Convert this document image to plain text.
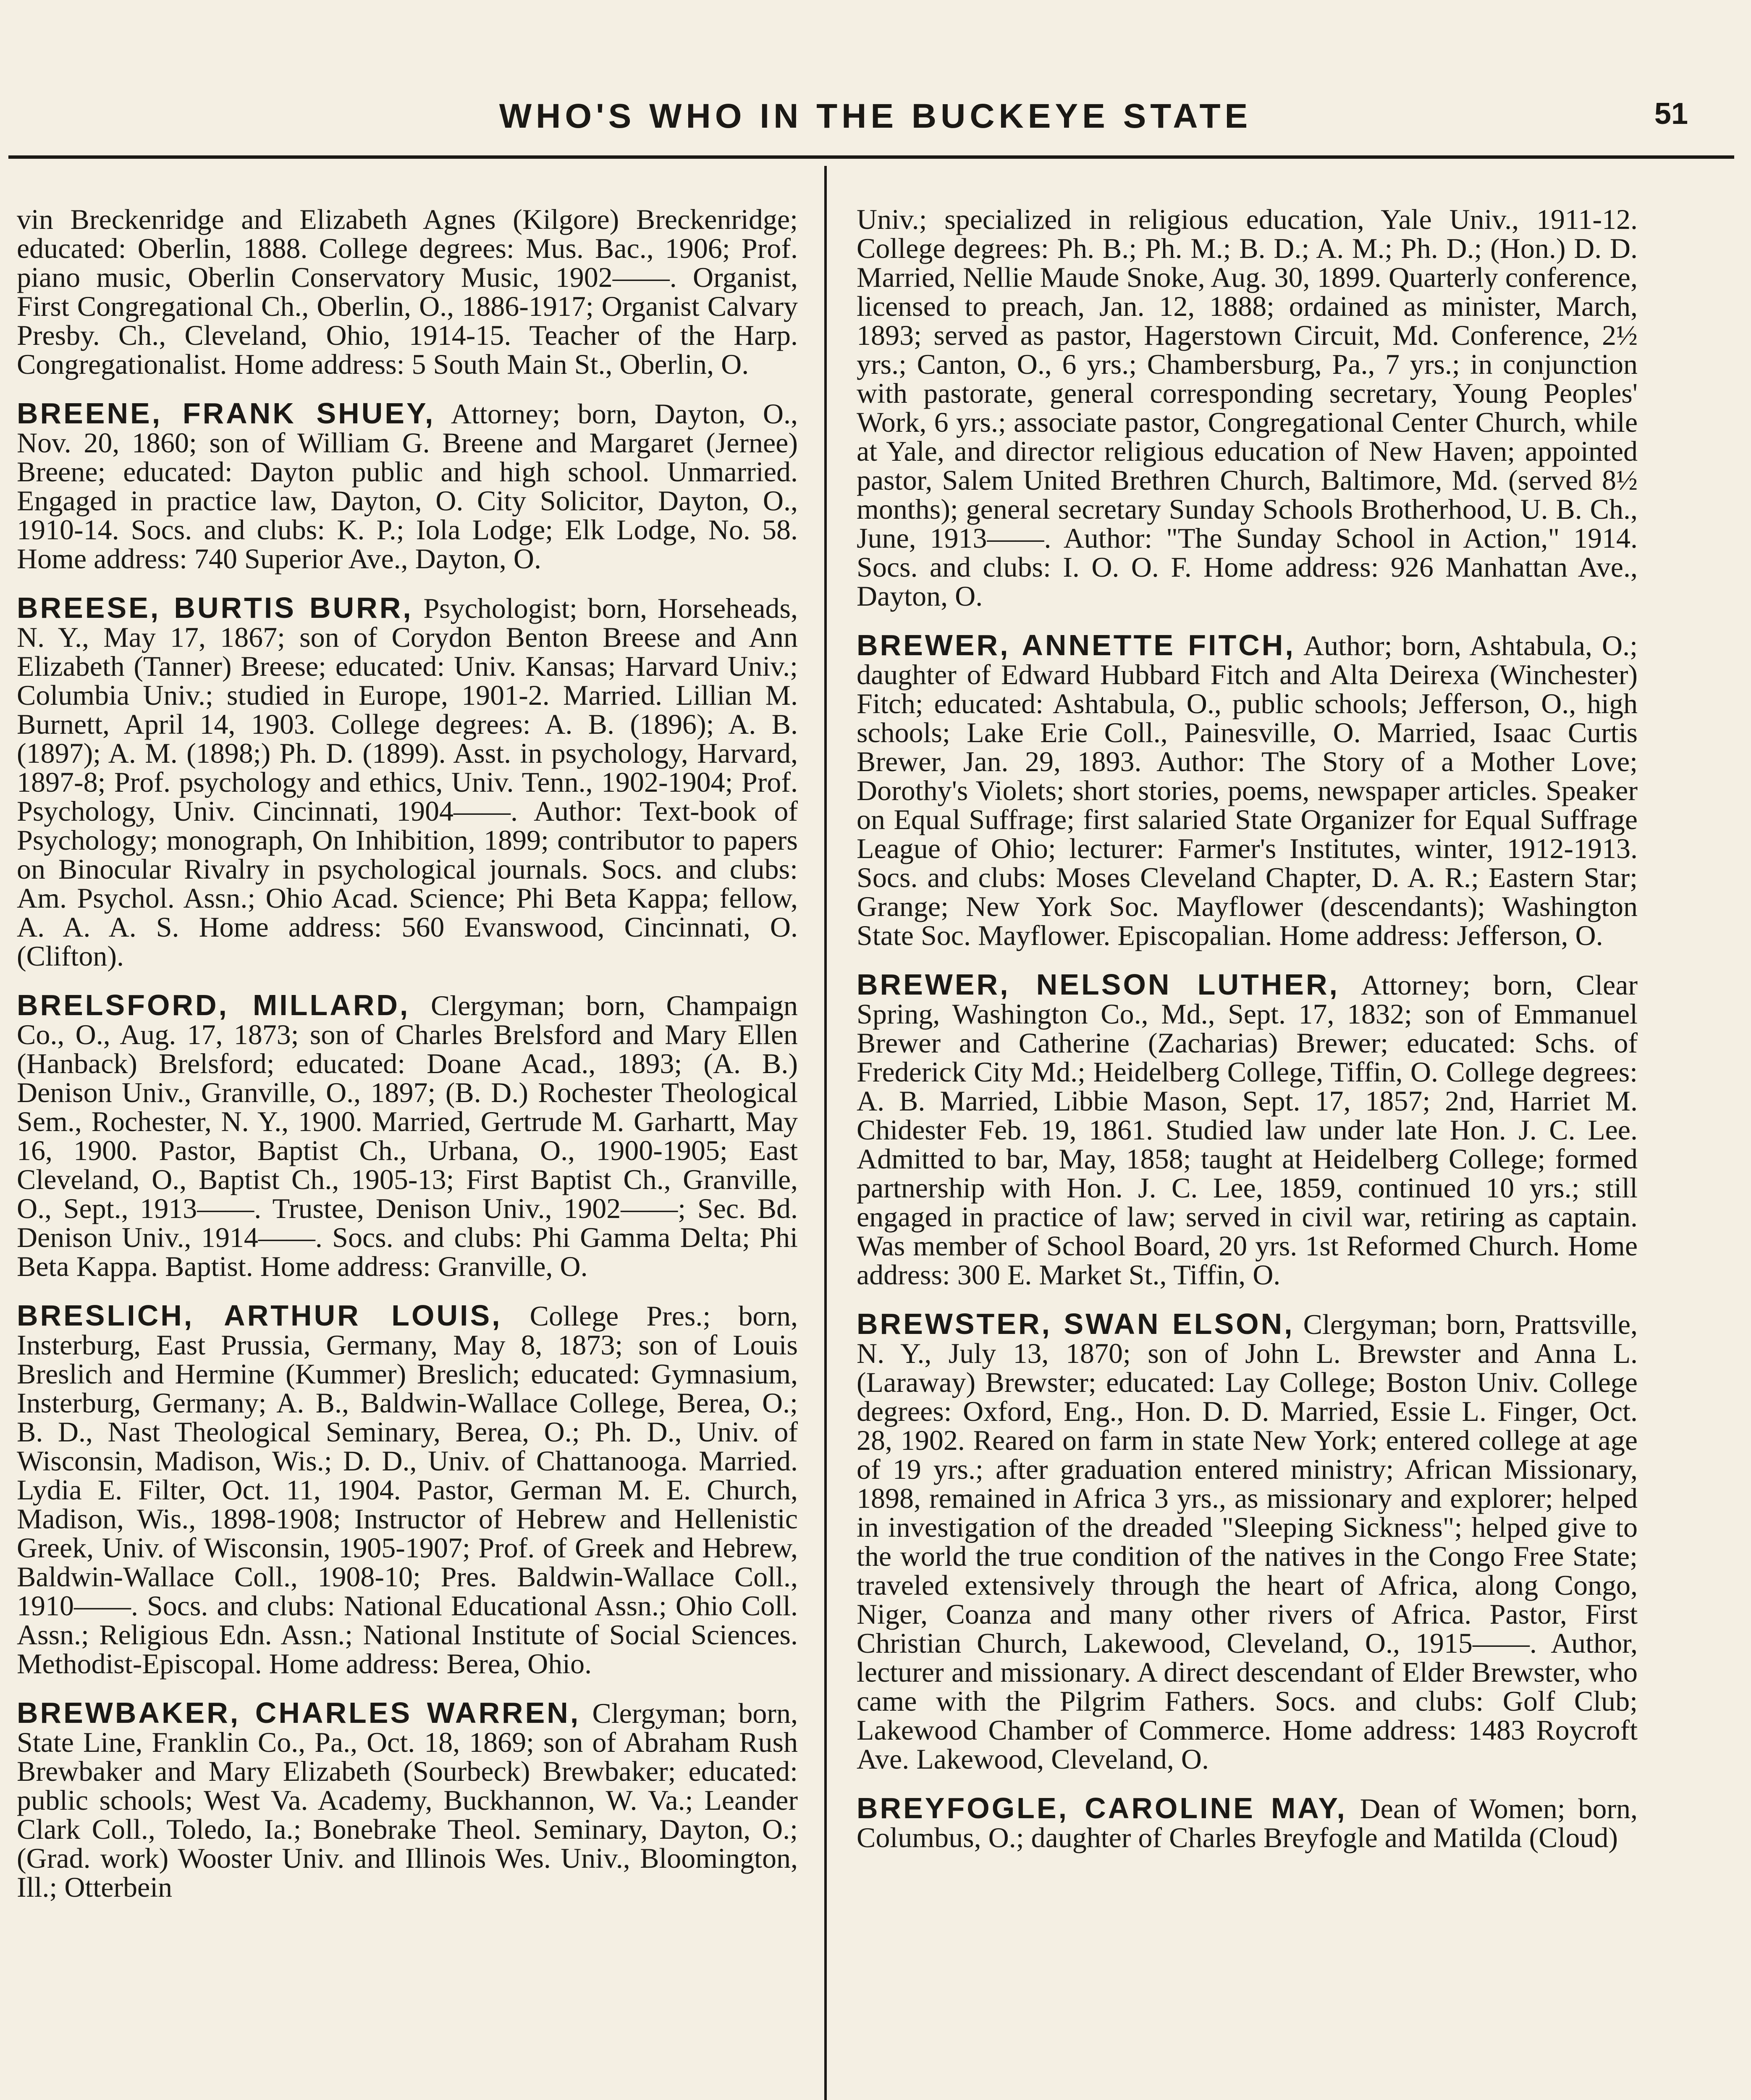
WHO'S WHO IN THE BUCKEYE STATE	51

vin Breckenridge and Elizabeth Agnes (Kilgore) Breckenridge; educated: Oberlin, 1888. College degrees: Mus. Bac., 1906; Prof. piano music, Oberlin Conservatory Music, 1902——. Organist, First Congregational Ch., Oberlin, O., 1886-1917; Organist Calvary Presby. Ch., Cleveland, Ohio, 1914-15. Teacher of the Harp. Congregationalist. Home address: 5 South Main St., Oberlin, O.

BREENE, FRANK SHUEY, Attorney; born, Dayton, O., Nov. 20, 1860; son of William G. Breene and Margaret (Jernee) Breene; educated: Dayton public and high school. Unmarried. Engaged in practice law, Dayton, O. City Solicitor, Dayton, O., 1910-14. Socs. and clubs: K. P.; Iola Lodge; Elk Lodge, No. 58. Home address: 740 Superior Ave., Dayton, O.

BREESE, BURTIS BURR, Psychologist; born, Horseheads, N. Y., May 17, 1867; son of Corydon Benton Breese and Ann Elizabeth (Tanner) Breese; educated: Univ. Kansas; Harvard Univ.; Columbia Univ.; studied in Europe, 1901-2. Married. Lillian M. Burnett, April 14, 1903. College degrees: A. B. (1896); A. B. (1897); A. M. (1898;) Ph. D. (1899). Asst. in psychology, Harvard, 1897-8; Prof. psychology and ethics, Univ. Tenn., 1902-1904; Prof. Psychology, Univ. Cincinnati, 1904——. Author: Text-book of Psychology; monograph, On Inhibition, 1899; contributor to papers on Binocular Rivalry in psychological journals. Socs. and clubs: Am. Psychol. Assn.; Ohio Acad. Science; Phi Beta Kappa; fellow, A. A. A. S. Home address: 560 Evanswood, Cincinnati, O. (Clifton).

BRELSFORD, MILLARD, Clergyman; born, Champaign Co., O., Aug. 17, 1873; son of Charles Brelsford and Mary Ellen (Hanback) Brelsford; educated: Doane Acad., 1893; (A. B.) Denison Univ., Granville, O., 1897; (B. D.) Rochester Theological Sem., Rochester, N. Y., 1900. Married, Gertrude M. Garhartt, May 16, 1900. Pastor, Baptist Ch., Urbana, O., 1900-1905; East Cleveland, O., Baptist Ch., 1905-13; First Baptist Ch., Granville, O., Sept., 1913——. Trustee, Denison Univ., 1902——; Sec. Bd. Denison Univ., 1914——. Socs. and clubs: Phi Gamma Delta; Phi Beta Kappa. Baptist. Home address: Granville, O.

BRESLICH, ARTHUR LOUIS, College Pres.; born, Insterburg, East Prussia, Germany, May 8, 1873; son of Louis Breslich and Hermine (Kummer) Breslich; educated: Gymnasium, Insterburg, Germany; A. B., Baldwin-Wallace College, Berea, O.; B. D., Nast Theological Seminary, Berea, O.; Ph. D., Univ. of Wisconsin, Madison, Wis.; D. D., Univ. of Chattanooga. Married. Lydia E. Filter, Oct. 11, 1904. Pastor, German M. E. Church, Madison, Wis., 1898-1908; Instructor of Hebrew and Hellenistic Greek, Univ. of Wisconsin, 1905-1907; Prof. of Greek and Hebrew, Baldwin-Wallace Coll., 1908-10; Pres. Baldwin-Wallace Coll., 1910——. Socs. and clubs: National Educational Assn.; Ohio Coll. Assn.; Religious Edn. Assn.; National Institute of Social Sciences. Methodist-Episcopal. Home address: Berea, Ohio.

BREWBAKER, CHARLES WARREN, Clergyman; born, State Line, Franklin Co., Pa., Oct. 18, 1869; son of Abraham Rush Brewbaker and Mary Elizabeth (Sourbeck) Brewbaker; educated: public schools; West Va. Academy, Buckhannon, W. Va.; Leander Clark Coll., Toledo, Ia.; Bonebrake Theol. Seminary, Dayton, O.; (Grad. work) Wooster Univ. and Illinois Wes. Univ., Bloomington, Ill.; Otterbein

Univ.; specialized in religious education, Yale Univ., 1911-12. College degrees: Ph. B.; Ph. M.; B. D.; A. M.; Ph. D.; (Hon.) D. D. Married, Nellie Maude Snoke, Aug. 30, 1899. Quarterly conference, licensed to preach, Jan. 12, 1888; ordained as minister, March, 1893; served as pastor, Hagerstown Circuit, Md. Conference, 2½ yrs.; Canton, O., 6 yrs.; Chambersburg, Pa., 7 yrs.; in conjunction with pastorate, general corresponding secretary, Young Peoples' Work, 6 yrs.; associate pastor, Congregational Center Church, while at Yale, and director religious education of New Haven; appointed pastor, Salem United Brethren Church, Baltimore, Md. (served 8½ months); general secretary Sunday Schools Brotherhood, U. B. Ch., June, 1913——. Author: "The Sunday School in Action," 1914. Socs. and clubs: I. O. O. F. Home address: 926 Manhattan Ave., Dayton, O.

BREWER, ANNETTE FITCH, Author; born, Ashtabula, O.; daughter of Edward Hubbard Fitch and Alta Deirexa (Winchester) Fitch; educated: Ashtabula, O., public schools; Jefferson, O., high schools; Lake Erie Coll., Painesville, O. Married, Isaac Curtis Brewer, Jan. 29, 1893. Author: The Story of a Mother Love; Dorothy's Violets; short stories, poems, newspaper articles. Speaker on Equal Suffrage; first salaried State Organizer for Equal Suffrage League of Ohio; lecturer: Farmer's Institutes, winter, 1912-1913. Socs. and clubs: Moses Cleveland Chapter, D. A. R.; Eastern Star; Grange; New York Soc. Mayflower (descendants); Washington State Soc. Mayflower. Episcopalian. Home address: Jefferson, O.

BREWER, NELSON LUTHER, Attorney; born, Clear Spring, Washington Co., Md., Sept. 17, 1832; son of Emmanuel Brewer and Catherine (Zacharias) Brewer; educated: Schs. of Frederick City Md.; Heidelberg College, Tiffin, O. College degrees: A. B. Married, Libbie Mason, Sept. 17, 1857; 2nd, Harriet M. Chidester Feb. 19, 1861. Studied law under late Hon. J. C. Lee. Admitted to bar, May, 1858; taught at Heidelberg College; formed partnership with Hon. J. C. Lee, 1859, continued 10 yrs.; still engaged in practice of law; served in civil war, retiring as captain. Was member of School Board, 20 yrs. 1st Reformed Church. Home address: 300 E. Market St., Tiffin, O.

BREWSTER, SWAN ELSON, Clergyman; born, Prattsville, N. Y., July 13, 1870; son of John L. Brewster and Anna L. (Laraway) Brewster; educated: Lay College; Boston Univ. College degrees: Oxford, Eng., Hon. D. D. Married, Essie L. Finger, Oct. 28, 1902. Reared on farm in state New York; entered college at age of 19 yrs.; after graduation entered ministry; African Missionary, 1898, remained in Africa 3 yrs., as missionary and explorer; helped in investigation of the dreaded "Sleeping Sickness"; helped give to the world the true condition of the natives in the Congo Free State; traveled extensively through the heart of Africa, along Congo, Niger, Coanza and many other rivers of Africa. Pastor, First Christian Church, Lakewood, Cleveland, O., 1915——. Author, lecturer and missionary. A direct descendant of Elder Brewster, who came with the Pilgrim Fathers. Socs. and clubs: Golf Club; Lakewood Chamber of Commerce. Home address: 1483 Roycroft Ave. Lakewood, Cleveland, O.

BREYFOGLE, CAROLINE MAY, Dean of Women; born, Columbus, O.; daughter of Charles Breyfogle and Matilda (Cloud)
